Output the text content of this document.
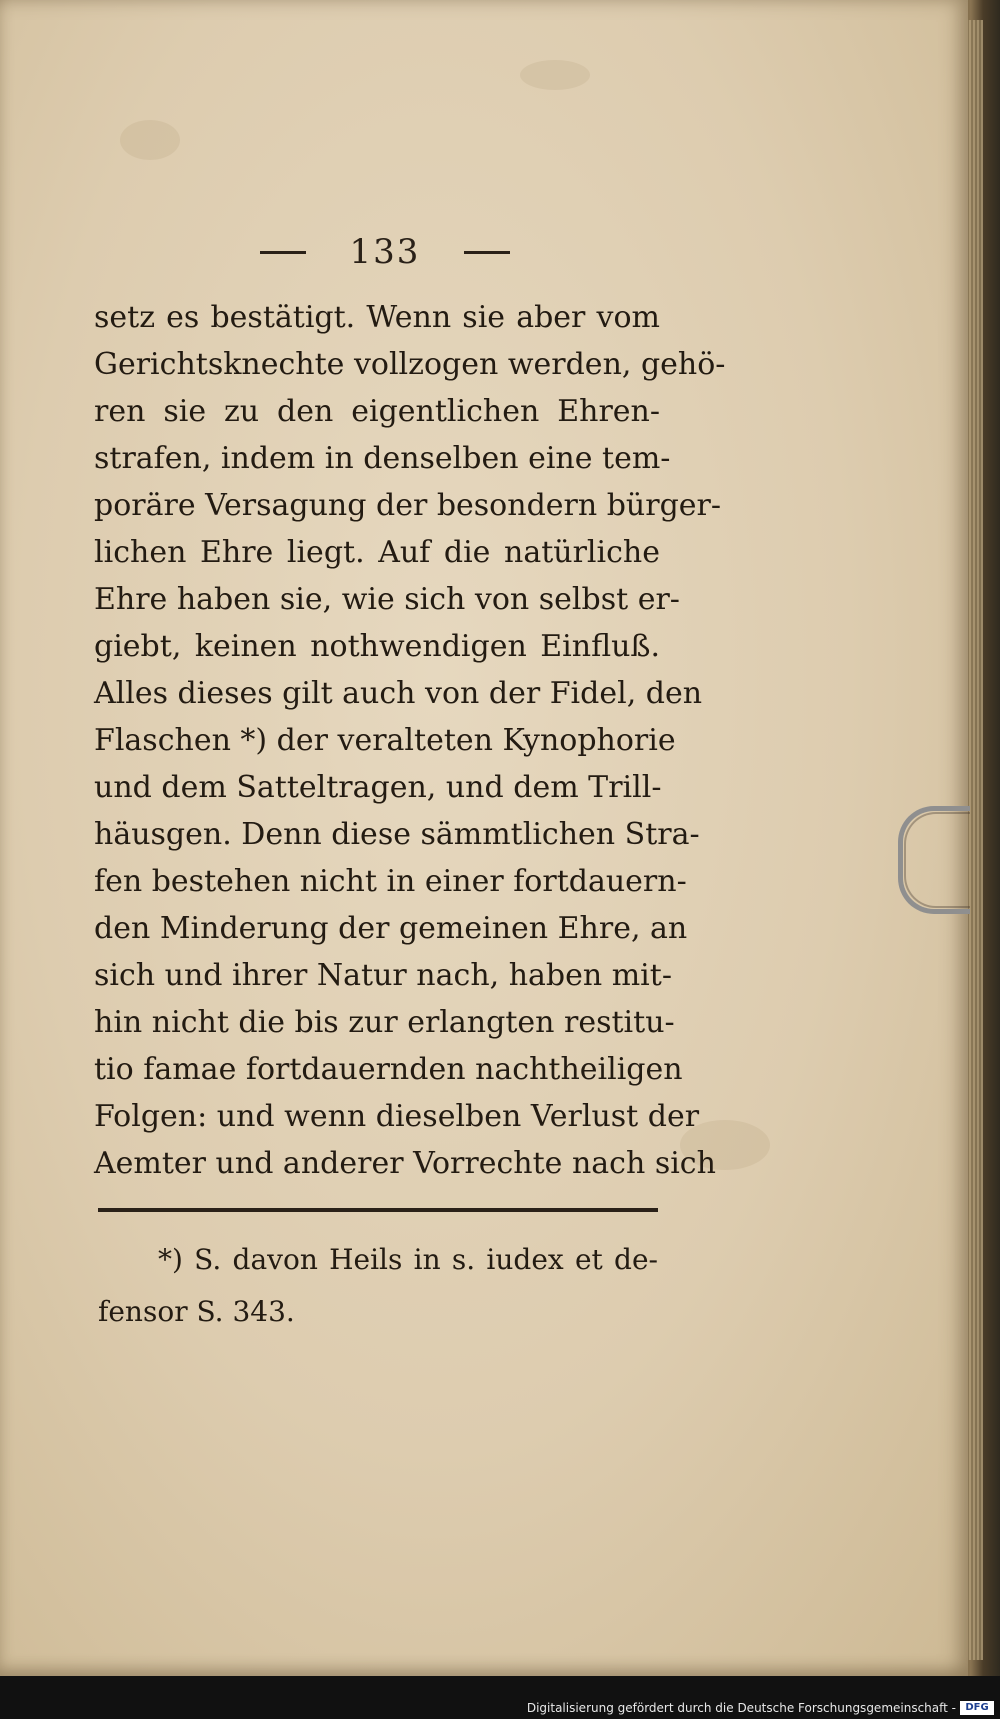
133
setz es bestätigt. Wenn sie aber vom
Gerichtsknechte vollzogen werden, gehö-
ren sie zu den eigentlichen Ehren-
strafen, indem in denselben eine tem-
poräre Versagung der besondern bürger-
lichen Ehre liegt. Auf die natürliche
Ehre haben sie, wie sich von selbst er-
giebt, keinen nothwendigen Einfluß.
Alles dieses gilt auch von der Fidel, den
Flaschen *) der veralteten Kynophorie
und dem Satteltragen, und dem Trill-
häusgen. Denn diese sämmtlichen Stra-
fen bestehen nicht in einer fortdauern-
den Minderung der gemeinen Ehre, an
sich und ihrer Natur nach, haben mit-
hin nicht die bis zur erlangten restitu-
tio famae fortdauernden nachtheiligen
Folgen: und wenn dieselben Verlust der
Aemter und anderer Vorrechte nach sich
*) S. davon Heils in s. iudex et de-
fensor S. 343.
Digitalisierung gefördert durch die Deutsche Forschungsgemeinschaft - DFG
